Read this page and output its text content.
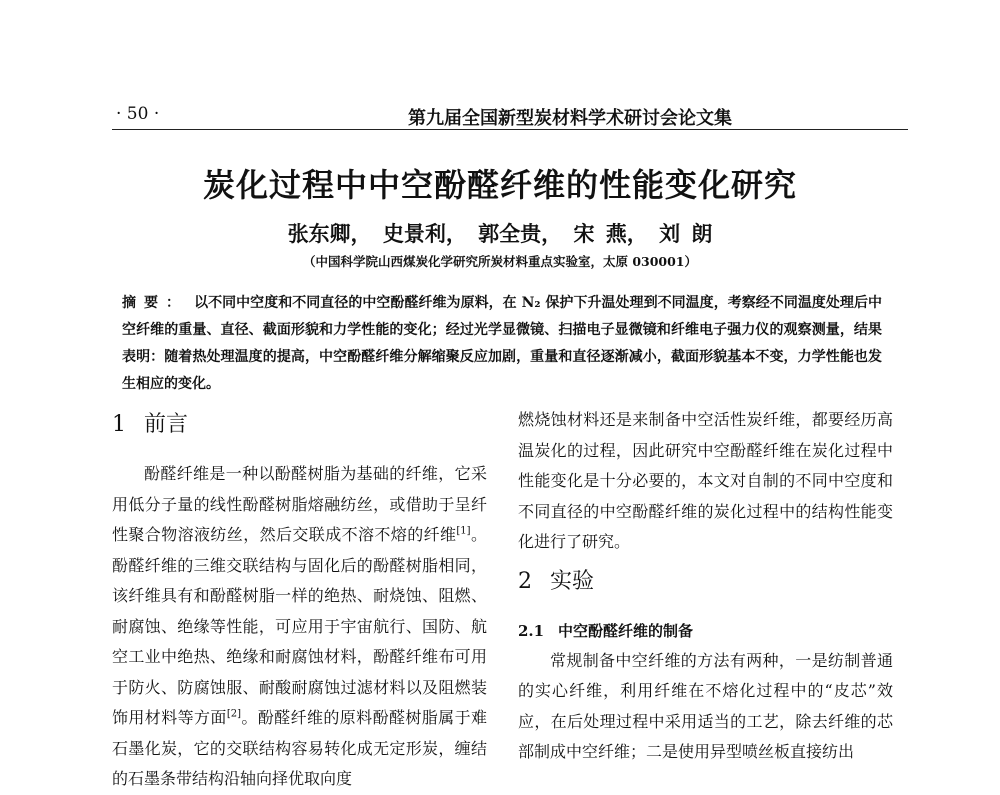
· 50 ·	第九届全国新型炭材料学术研讨会论文集
炭化过程中中空酚醛纤维的性能变化研究
张东卿， 史景利， 郭全贵， 宋 燕， 刘 朗
（中国科学院山西煤炭化学研究所炭材料重点实验室，太原 030001）
摘要： 以不同中空度和不同直径的中空酚醛纤维为原料，在 N₂ 保护下升温处理到不同温度，考察经不同温度处理后中空纤维的重量、直径、截面形貌和力学性能的变化；经过光学显微镜、扫描电子显微镜和纤维电子强力仪的观察测量，结果表明：随着热处理温度的提高，中空酚醛纤维分解缩聚反应加剧，重量和直径逐渐减小，截面形貌基本不变，力学性能也发生相应的变化。
1 前言

酚醛纤维是一种以酚醛树脂为基础的纤维，它采用低分子量的线性酚醛树脂熔融纺丝，或借助于呈纤性聚合物溶液纺丝，然后交联成不溶不熔的纤维[1]。酚醛纤维的三维交联结构与固化后的酚醛树脂相同，该纤维具有和酚醛树脂一样的绝热、耐烧蚀、阻燃、耐腐蚀、绝缘等性能，可应用于宇宙航行、国防、航空工业中绝热、绝缘和耐腐蚀材料，酚醛纤维布可用于防火、防腐蚀服、耐酸耐腐蚀过滤材料以及阻燃装饰用材料等方面[2]。酚醛纤维的原料酚醛树脂属于难石墨化炭，它的交联结构容易转化成无定形炭，缠结的石墨条带结构沿轴向择优取向度

燃烧蚀材料还是来制备中空活性炭纤维，都要经历高温炭化的过程，因此研究中空酚醛纤维在炭化过程中性能变化是十分必要的，本文对自制的不同中空度和不同直径的中空酚醛纤维的炭化过程中的结构性能变化进行了研究。

2 实验
2.1 中空酚醛纤维的制备

常规制备中空纤维的方法有两种，一是纺制普通的实心纤维，利用纤维在不熔化过程中的“皮芯”效应，在后处理过程中采用适当的工艺，除去纤维的芯部制成中空纤维；二是使用异型喷丝板直接纺出
